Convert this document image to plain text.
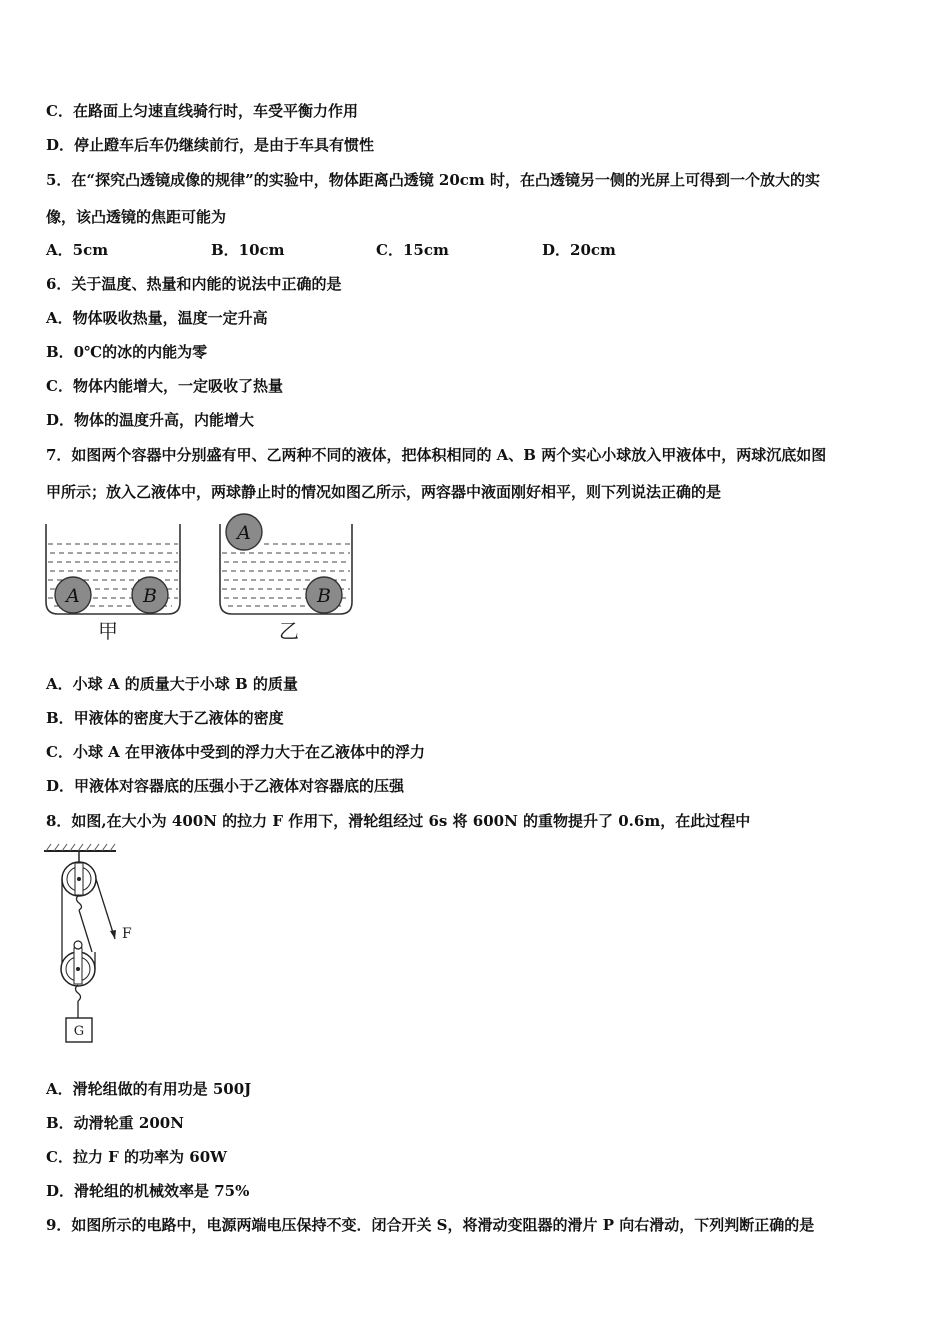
C．在路面上匀速直线骑行时，车受平衡力作用
D．停止蹬车后车仍继续前行，是由于车具有惯性
5．在“探究凸透镜成像的规律”的实验中，物体距离凸透镜 20cm 时，在凸透镜另一侧的光屏上可得到一个放大的实
像，该凸透镜的焦距可能为
A．5cm	B．10cm	C．15cm	D．20cm
6．关于温度、热量和内能的说法中正确的是
A．物体吸收热量，温度一定升高
B．0℃的冰的内能为零
C．物体内能增大，一定吸收了热量
D．物体的温度升高，内能增大
7．如图两个容器中分别盛有甲、乙两种不同的液体，把体积相同的 A、B 两个实心小球放入甲液体中，两球沉底如图
甲所示；放入乙液体中，两球静止时的情况如图乙所示，两容器中液面刚好相平，则下列说法正确的是
A	B
甲
A
B
乙
A．小球 A 的质量大于小球 B 的质量
B．甲液体的密度大于乙液体的密度
C．小球 A 在甲液体中受到的浮力大于在乙液体中的浮力
D．甲液体对容器底的压强小于乙液体对容器底的压强
8．如图,在大小为 400N 的拉力 F 作用下，滑轮组经过 6s 将 600N 的重物提升了 0.6m，在此过程中
F
G
A．滑轮组做的有用功是 500J
B．动滑轮重 200N
C．拉力 F 的功率为 60W
D．滑轮组的机械效率是 75%
9．如图所示的电路中，电源两端电压保持不变．闭合开关 S，将滑动变阻器的滑片 P 向右滑动，下列判断正确的是
